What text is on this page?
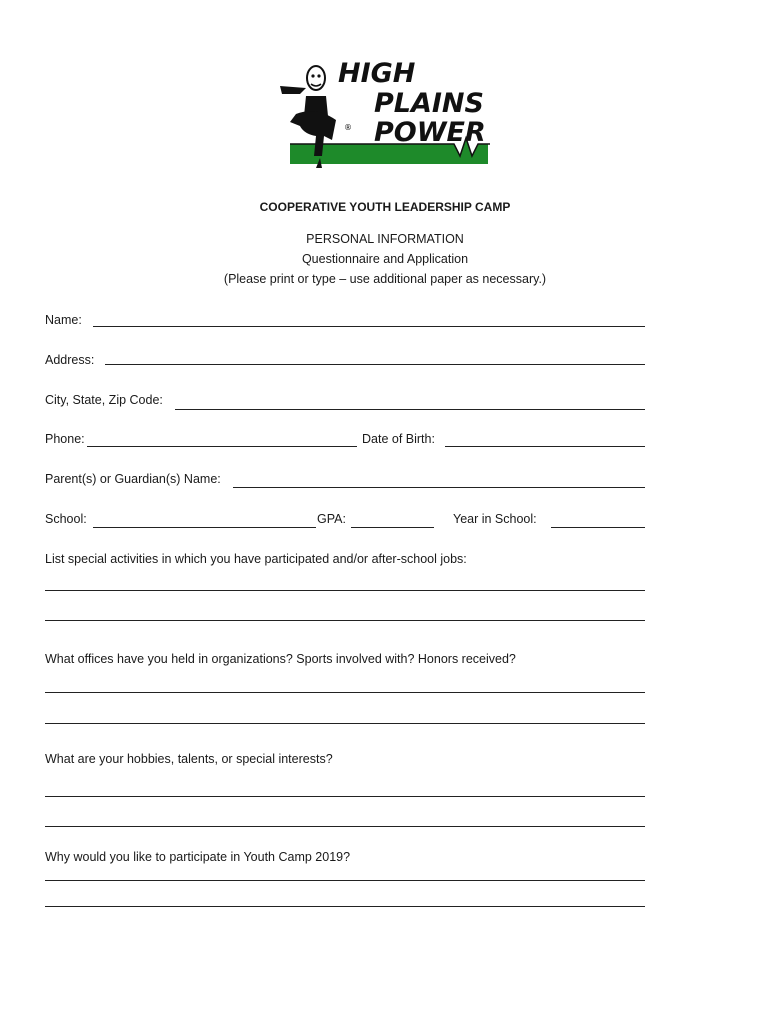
HIGH
PLAINS
POWER
®
COOPERATIVE YOUTH LEADERSHIP CAMP
PERSONAL INFORMATION
Questionnaire and Application
(Please print or type – use additional paper as necessary.)
Name:
Address:
City, State, Zip Code:
Phone:	Date of Birth:
Parent(s) or Guardian(s) Name:
School:	GPA:	Year in School:
List special activities in which you have participated and/or after-school jobs:
What offices have you held in organizations? Sports involved with? Honors received?
What are your hobbies, talents, or special interests?
Why would you like to participate in Youth Camp 2019?
